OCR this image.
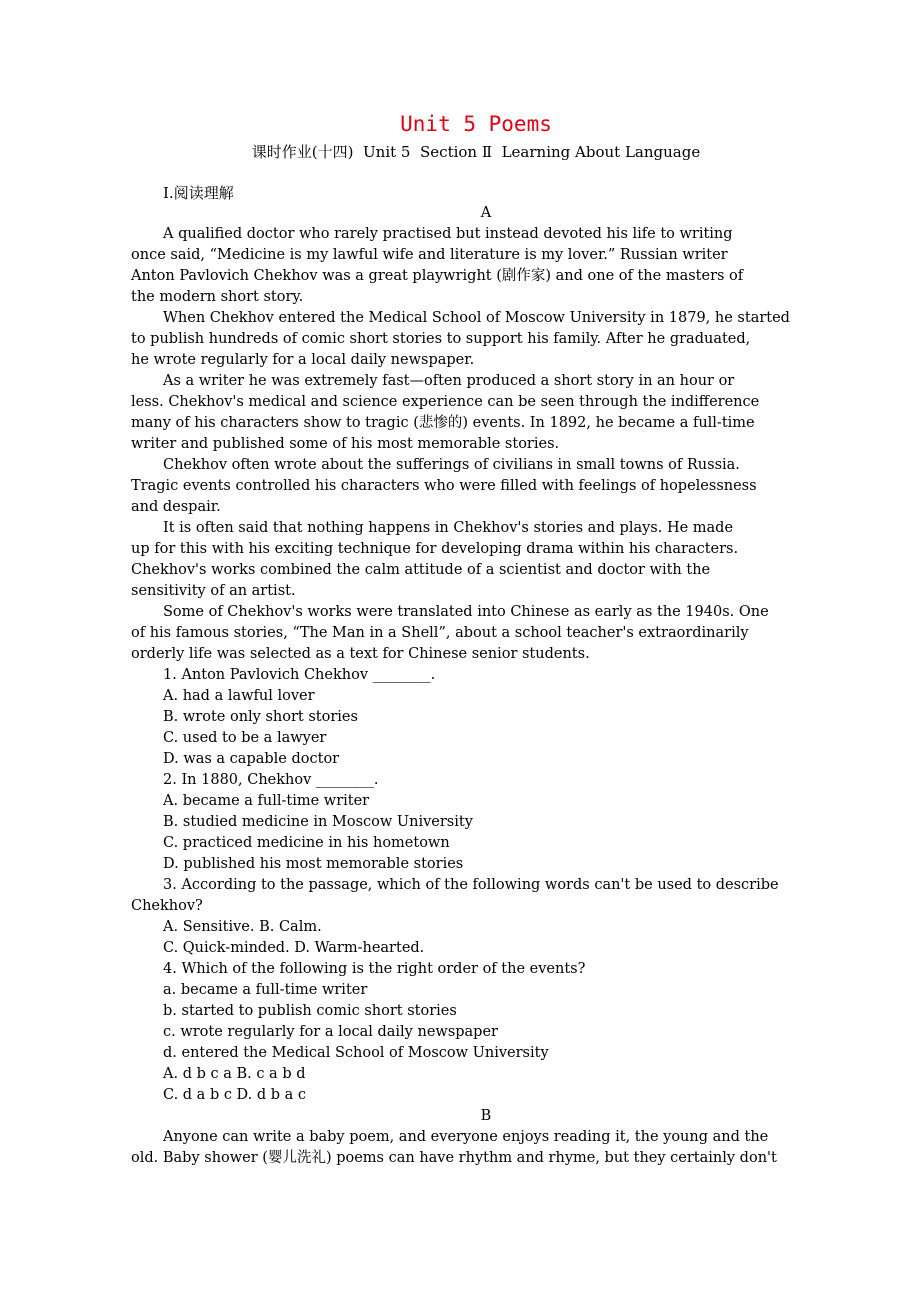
Unit 5 Poems
课时作业(十四)  Unit 5  Section Ⅱ  Learning About Language
Ⅰ.阅读理解
A
A qualified doctor who rarely practised but instead devoted his life to writing
once said, “Medicine is my lawful wife and literature is my lover.” Russian writer
Anton Pavlovich Chekhov was a great playwright (剧作家) and one of the masters of
the modern short story.
When Chekhov entered the Medical School of Moscow University in 1879, he started
to publish hundreds of comic short stories to support his family. After he graduated,
he wrote regularly for a local daily newspaper.
As a writer he was extremely fast—often produced a short story in an hour or
less. Chekhov's medical and science experience can be seen through the indifference
many of his characters show to tragic (悲惨的) events. In 1892, he became a full-time
writer and published some of his most memorable stories.
Chekhov often wrote about the sufferings of civilians in small towns of Russia.
Tragic events controlled his characters who were filled with feelings of hopelessness
and despair.
It is often said that nothing happens in Chekhov's stories and plays. He made
up for this with his exciting technique for developing drama within his characters.
Chekhov's works combined the calm attitude of a scientist and doctor with the
sensitivity of an artist.
Some of Chekhov's works were translated into Chinese as early as the 1940s. One
of his famous stories, “The Man in a Shell”, about a school teacher's extraordinarily
orderly life was selected as a text for Chinese senior students.
1. Anton Pavlovich Chekhov ________.
A. had a lawful lover
B. wrote only short stories
C. used to be a lawyer
D. was a capable doctor
2. In 1880, Chekhov ________.
A. became a full-time writer
B. studied medicine in Moscow University
C. practiced medicine in his hometown
D. published his most memorable stories
3. According to the passage, which of the following words can't be used to describe
Chekhov?
A. Sensitive. B. Calm.
C. Quick-minded. D. Warm-hearted.
4. Which of the following is the right order of the events?
a. became a full-time writer
b. started to publish comic short stories
c. wrote regularly for a local daily newspaper
d. entered the Medical School of Moscow University
A. d b c a B. c a b d
C. d a b c D. d b a c
B
Anyone can write a baby poem, and everyone enjoys reading it, the young and the
old. Baby shower (婴儿洗礼) poems can have rhythm and rhyme, but they certainly don't
